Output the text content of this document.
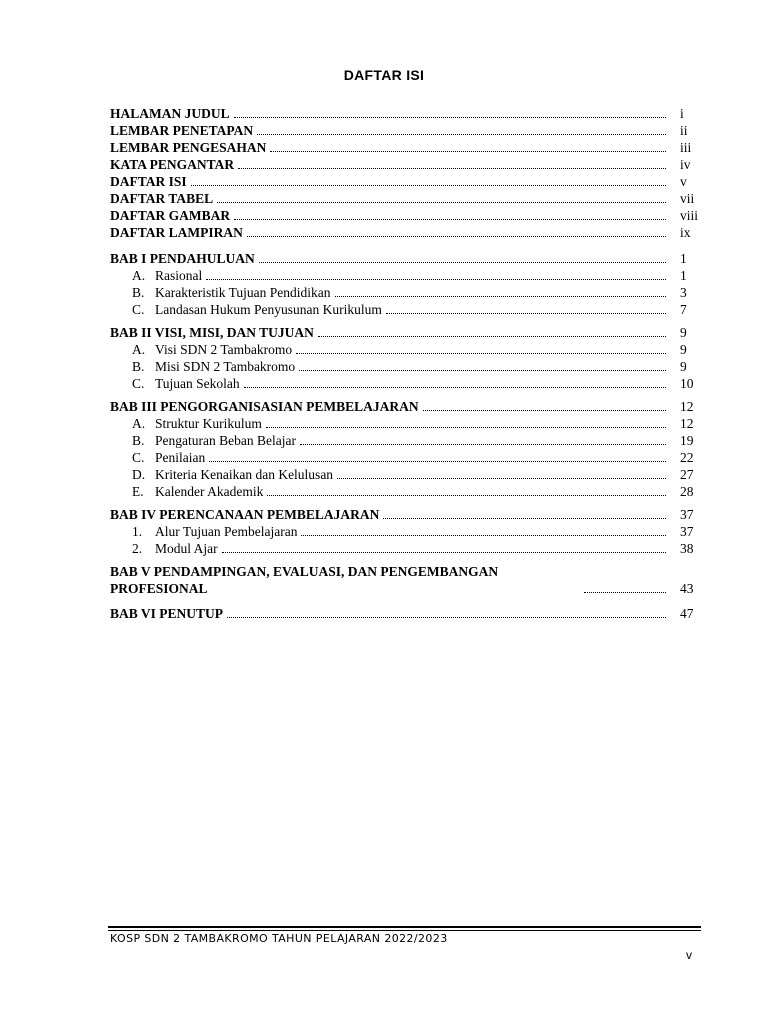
DAFTAR ISI
HALAMAN JUDUL	i
LEMBAR PENETAPAN	ii
LEMBAR PENGESAHAN	iii
KATA PENGANTAR	iv
DAFTAR ISI	v
DAFTAR TABEL	vii
DAFTAR GAMBAR	viii
DAFTAR LAMPIRAN	ix
BAB I PENDAHULUAN	1
A. Rasional	1
B. Karakteristik Tujuan Pendidikan	3
C. Landasan Hukum Penyusunan Kurikulum	7
BAB II VISI, MISI, DAN TUJUAN	9
A. Visi SDN 2 Tambakromo	9
B. Misi SDN 2 Tambakromo	9
C. Tujuan Sekolah	10
BAB III PENGORGANISASIAN PEMBELAJARAN	12
A. Struktur Kurikulum	12
B. Pengaturan Beban Belajar	19
C. Penilaian	22
D. Kriteria Kenaikan dan Kelulusan	27
E. Kalender Akademik	28
BAB IV PERENCANAAN PEMBELAJARAN	37
1. Alur Tujuan Pembelajaran	37
2. Modul Ajar	38
BAB V PENDAMPINGAN, EVALUASI, DAN PENGEMBANGAN PROFESIONAL	43
BAB VI PENUTUP	47
KOSP SDN 2 TAMBAKROMO TAHUN PELAJARAN 2022/2023
v
